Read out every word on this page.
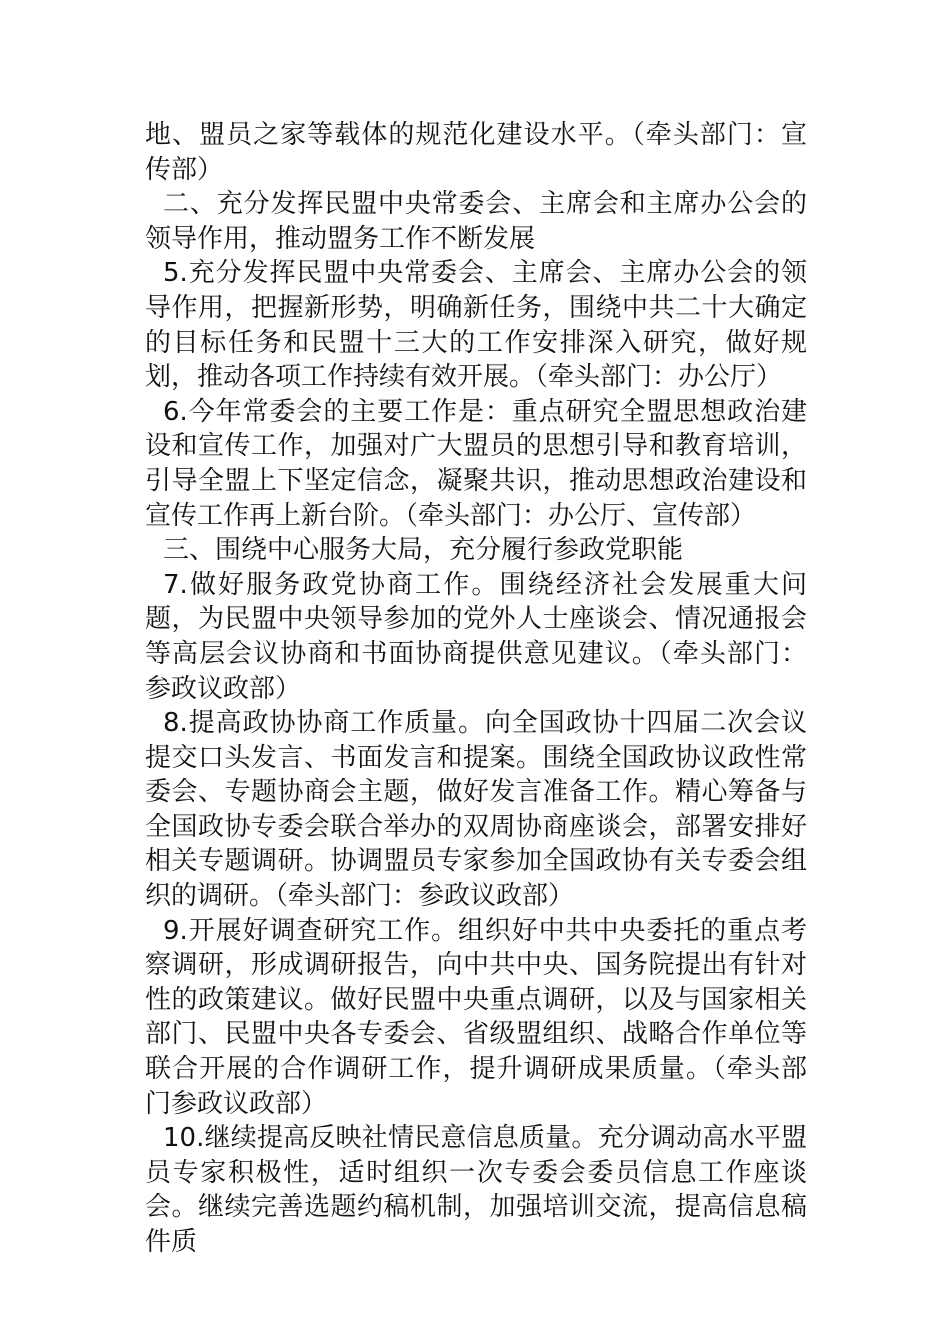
地、盟员之家等载体的规范化建设水平。（牵头部门：宣传部）

二、充分发挥民盟中央常委会、主席会和主席办公会的领导作用，推动盟务工作不断发展

5.充分发挥民盟中央常委会、主席会、主席办公会的领导作用，把握新形势，明确新任务，围绕中共二十大确定的目标任务和民盟十三大的工作安排深入研究，做好规划，推动各项工作持续有效开展。（牵头部门：办公厅）

6.今年常委会的主要工作是：重点研究全盟思想政治建设和宣传工作，加强对广大盟员的思想引导和教育培训，引导全盟上下坚定信念，凝聚共识，推动思想政治建设和宣传工作再上新台阶。（牵头部门：办公厅、宣传部）

三、围绕中心服务大局，充分履行参政党职能

7.做好服务政党协商工作。围绕经济社会发展重大问题，为民盟中央领导参加的党外人士座谈会、情况通报会等高层会议协商和书面协商提供意见建议。（牵头部门：参政议政部）

8.提高政协协商工作质量。向全国政协十四届二次会议提交口头发言、书面发言和提案。围绕全国政协议政性常委会、专题协商会主题，做好发言准备工作。精心筹备与全国政协专委会联合举办的双周协商座谈会，部署安排好相关专题调研。协调盟员专家参加全国政协有关专委会组织的调研。（牵头部门：参政议政部）

9.开展好调查研究工作。组织好中共中央委托的重点考察调研，形成调研报告，向中共中央、国务院提出有针对性的政策建议。做好民盟中央重点调研，以及与国家相关部门、民盟中央各专委会、省级盟组织、战略合作单位等联合开展的合作调研工作，提升调研成果质量。（牵头部门参政议政部）

10.继续提高反映社情民意信息质量。充分调动高水平盟员专家积极性，适时组织一次专委会委员信息工作座谈会。继续完善选题约稿机制，加强培训交流，提高信息稿件质
